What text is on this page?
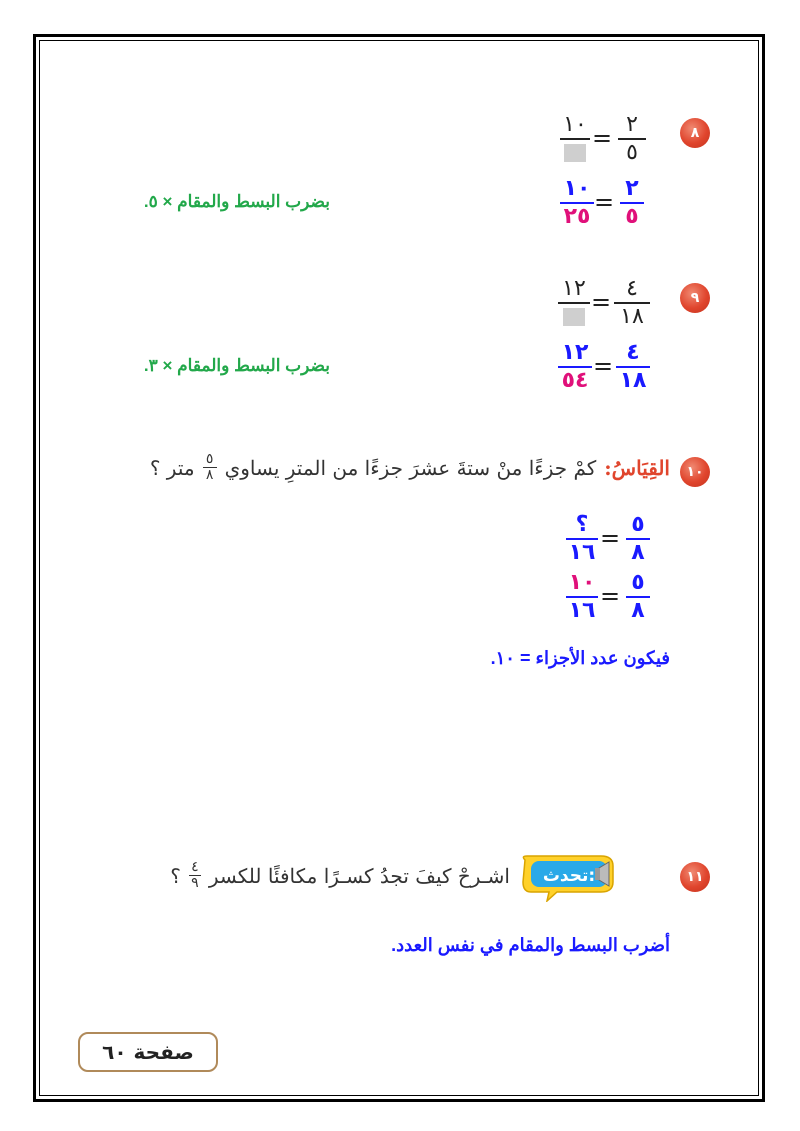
٨
٢
٥
=
١٠
٢
٥
=
١٠
٢٥
بضرب البسط والمقام × ٥.
٩
٤
١٨
=
١٢
٤
١٨
=
١٢
٥٤
بضرب البسط والمقام × ٣.
١٠
القِيَاسُ:
كمْ جزءًا منْ ستةَ عشرَ جزءًا من المترِ يساوي
٥
٨
متر ؟
٥
٨
=
؟
١٦
٥
٨
=
١٠
١٦
فيكون عدد الأجزاء = ١٠.
١١
تحدث:
اشـرحْ كيفَ تجدُ كسـرًا مكافئًا للكسر
٤
٩
؟
أضرب البسط والمقام في نفس العدد.
صفحة ٦٠
